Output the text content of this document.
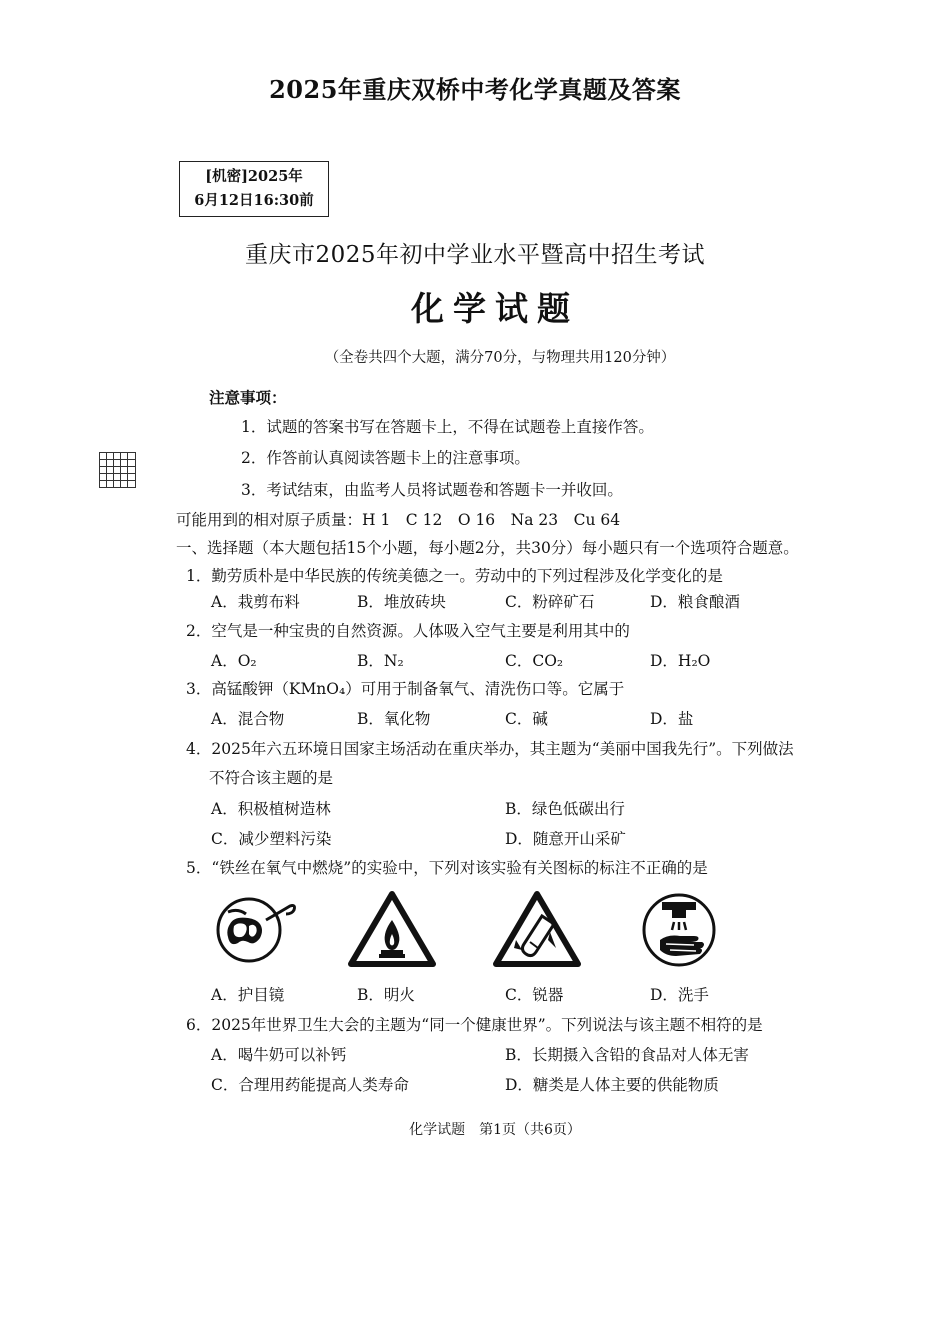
2025年重庆双桥中考化学真题及答案
[机密]2025年
6月12日16:30前
重庆市2025年初中学业水平暨高中招生考试
化学试题
（全卷共四个大题，满分70分，与物理共用120分钟）
注意事项：
1．试题的答案书写在答题卡上，不得在试题卷上直接作答。
2．作答前认真阅读答题卡上的注意事项。
3．考试结束，由监考人员将试题卷和答题卡一并收回。
可能用到的相对原子质量：H 1　C 12　O 16　Na 23　Cu 64
一、选择题（本大题包括15个小题，每小题2分，共30分）每小题只有一个选项符合题意。
1．勤劳质朴是中华民族的传统美德之一。劳动中的下列过程涉及化学变化的是
A．栽剪布料	B．堆放砖块	C．粉碎矿石	D．粮食酿酒
2．空气是一种宝贵的自然资源。人体吸入空气主要是利用其中的
A．O₂	B．N₂	C．CO₂	D．H₂O
3．高锰酸钾（KMnO₄）可用于制备氧气、清洗伤口等。它属于
A．混合物	B．氧化物	C．碱	D．盐
4．2025年六五环境日国家主场活动在重庆举办，其主题为“美丽中国我先行”。下列做法
不符合该主题的是
A．积极植树造林	B．绿色低碳出行
C．减少塑料污染	D．随意开山采矿
5．“铁丝在氧气中燃烧”的实验中，下列对该实验有关图标的标注不正确的是
A．护目镜	B．明火	C．锐器	D．洗手
6．2025年世界卫生大会的主题为“同一个健康世界”。下列说法与该主题不相符的是
A．喝牛奶可以补钙	B．长期摄入含铅的食品对人体无害
C．合理用药能提高人类寿命	D．糖类是人体主要的供能物质
化学试题　第1页（共6页）
